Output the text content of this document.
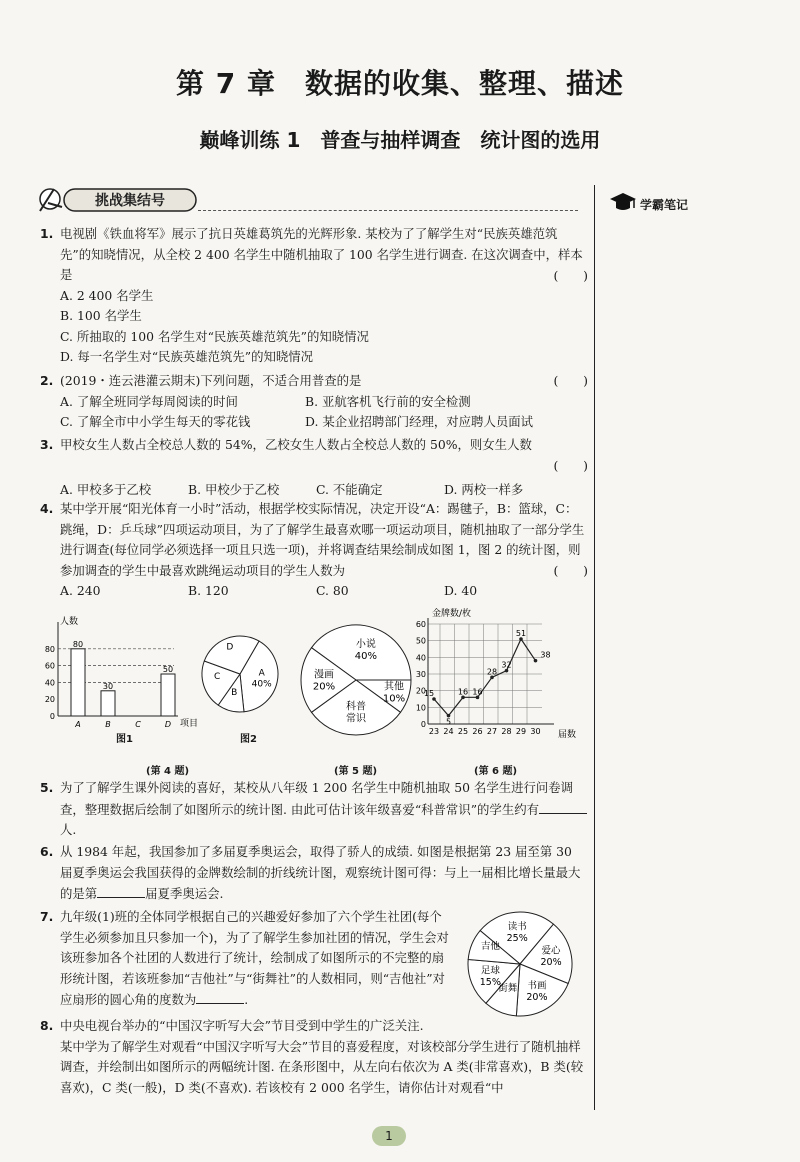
第 7 章　数据的收集、整理、描述
巅峰训练 1　普查与抽样调查　统计图的选用
挑战集结号	学霸笔记
1. 电视剧《铁血将军》展示了抗日英雄葛筑先的光辉形象. 某校为了了解学生对“民族英雄范筑先”的知晓情况，从全校 2 400 名学生中随机抽取了 100 名学生进行调查. 在这次调查中，样本是	(　　)
A. 2 400 名学生
B. 100 名学生
C. 所抽取的 100 名学生对“民族英雄范筑先”的知晓情况
D. 每一名学生对“民族英雄范筑先”的知晓情况
2. (2019・连云港灌云期末)下列问题，不适合用普查的是	(　　)
A. 了解全班同学每周阅读的时间	B. 亚航客机飞行前的安全检测
C. 了解全市中小学生每天的零花钱	D. 某企业招聘部门经理，对应聘人员面试
3. 甲校女生人数占全校总人数的 54%，乙校女生人数占全校总人数的 50%，则女生人数
(　　)
A. 甲校多于乙校	B. 甲校少于乙校	C. 不能确定	D. 两校一样多
4. 某中学开展“阳光体育一小时”活动，根据学校实际情况，决定开设“A：踢毽子，B：篮球，C：跳绳，D：乒乓球”四项运动项目，为了了解学生最喜欢哪一项运动项目，随机抽取了一部分学生进行调查(每位同学必须选择一项且只选一项)，并将调查结果绘制成如图 1，图 2 的统计图，则参加调查的学生中最喜欢跳绳运动项目的学生人数为	(　　)
A. 240	B. 120	C. 80	D. 40
人数
项目
0
20
40
60
80
80
A
30
B	C
50
D
A
40%
B
C
D	小说
40%
其他
10%
科普
常识
漫画
20%
金牌数/枚
届数
0
10
20
30
40
50
60
15
23
5
24
16
25
16
26
28
27
32
28
51
29
38
30
图1	图2
(第 4 题)	(第 5 题)	(第 6 题)
5. 为了了解学生课外阅读的喜好，某校从八年级 1 200 名学生中随机抽取 50 名学生进行问卷调查，整理数据后绘制了如图所示的统计图. 由此可估计该年级喜爱“科普常识”的学生约有人.
6. 从 1984 年起，我国参加了多届夏季奥运会，取得了骄人的成绩. 如图是根据第 23 届至第 30 届夏季奥运会我国获得的金牌数绘制的折线统计图，观察统计图可得：与上一届相比增长量最大的是第	届夏季奥运会.
7. 九年级(1)班的全体同学根据自己的兴趣爱好参加了六个学生社团(每个学生必须参加且只参加一个)，为了了解学生参加社团的情况，学生会对该班参加各个社团的人数进行了统计，绘制成了如图所示的不完整的扇形统计图，若该班参加“吉他社”与“街舞社”的人数相同，则“吉他社”对应扇形的圆心角的度数为	.
读书
25%
爱心
20%
书画
20%
街舞
足球
15%
吉他
8. 中央电视台举办的“中国汉字听写大会”节目受到中学生的广泛关注.
某中学为了解学生对观看“中国汉字听写大会”节目的喜爱程度，对该校部分学生进行了随机抽样调查，并绘制出如图所示的两幅统计图. 在条形图中，从左向右依次为 A 类(非常喜欢)，B 类(较喜欢)，C 类(一般)，D 类(不喜欢). 若该校有 2 000 名学生，请你估计对观看“中
1
